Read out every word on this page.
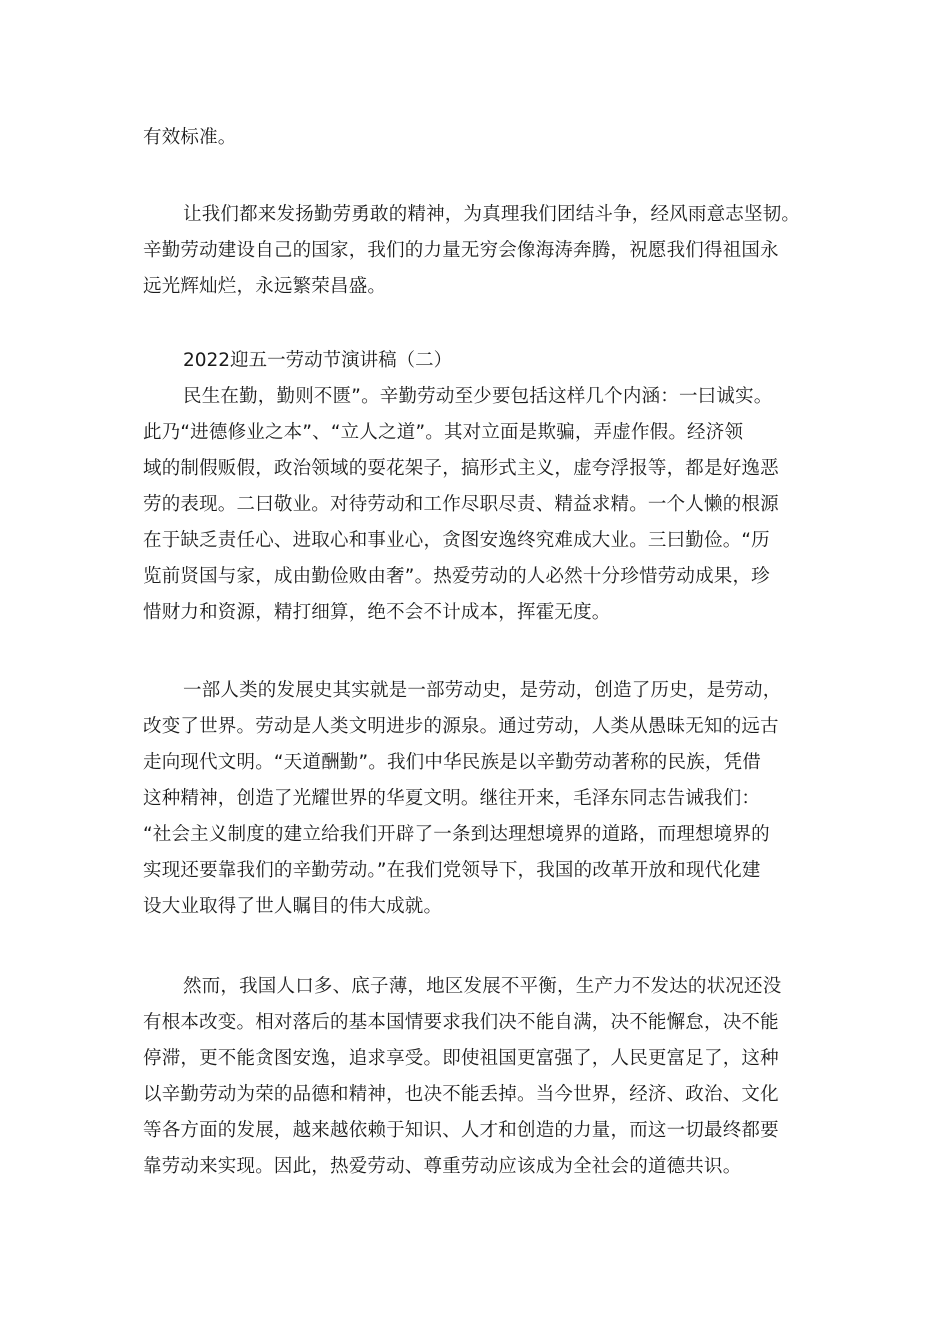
有效标准。

让我们都来发扬勤劳勇敢的精神，为真理我们团结斗争，经风雨意志坚韧。

辛勤劳动建设自己的国家，我们的力量无穷会像海涛奔腾，祝愿我们得祖国永

远光辉灿烂，永远繁荣昌盛。

2022迎五一劳动节演讲稿（二）

民生在勤，勤则不匮”。辛勤劳动至少要包括这样几个内涵：一曰诚实。

此乃“进德修业之本”、“立人之道”。其对立面是欺骗，弄虚作假。经济领

域的制假贩假，政治领域的耍花架子，搞形式主义，虚夸浮报等，都是好逸恶

劳的表现。二曰敬业。对待劳动和工作尽职尽责、精益求精。一个人懒的根源

在于缺乏责任心、进取心和事业心，贪图安逸终究难成大业。三曰勤俭。“历

览前贤国与家，成由勤俭败由奢”。热爱劳动的人必然十分珍惜劳动成果，珍

惜财力和资源，精打细算，绝不会不计成本，挥霍无度。

一部人类的发展史其实就是一部劳动史，是劳动，创造了历史，是劳动，

改变了世界。劳动是人类文明进步的源泉。通过劳动，人类从愚昧无知的远古

走向现代文明。“天道酬勤”。我们中华民族是以辛勤劳动著称的民族，凭借

这种精神，创造了光耀世界的华夏文明。继往开来，毛泽东同志告诫我们：

“社会主义制度的建立给我们开辟了一条到达理想境界的道路，而理想境界的

实现还要靠我们的辛勤劳动。”在我们党领导下，我国的改革开放和现代化建

设大业取得了世人瞩目的伟大成就。

然而，我国人口多、底子薄，地区发展不平衡，生产力不发达的状况还没

有根本改变。相对落后的基本国情要求我们决不能自满，决不能懈怠，决不能

停滞，更不能贪图安逸，追求享受。即使祖国更富强了，人民更富足了，这种

以辛勤劳动为荣的品德和精神，也决不能丢掉。当今世界，经济、政治、文化

等各方面的发展，越来越依赖于知识、人才和创造的力量，而这一切最终都要

靠劳动来实现。因此，热爱劳动、尊重劳动应该成为全社会的道德共识。
